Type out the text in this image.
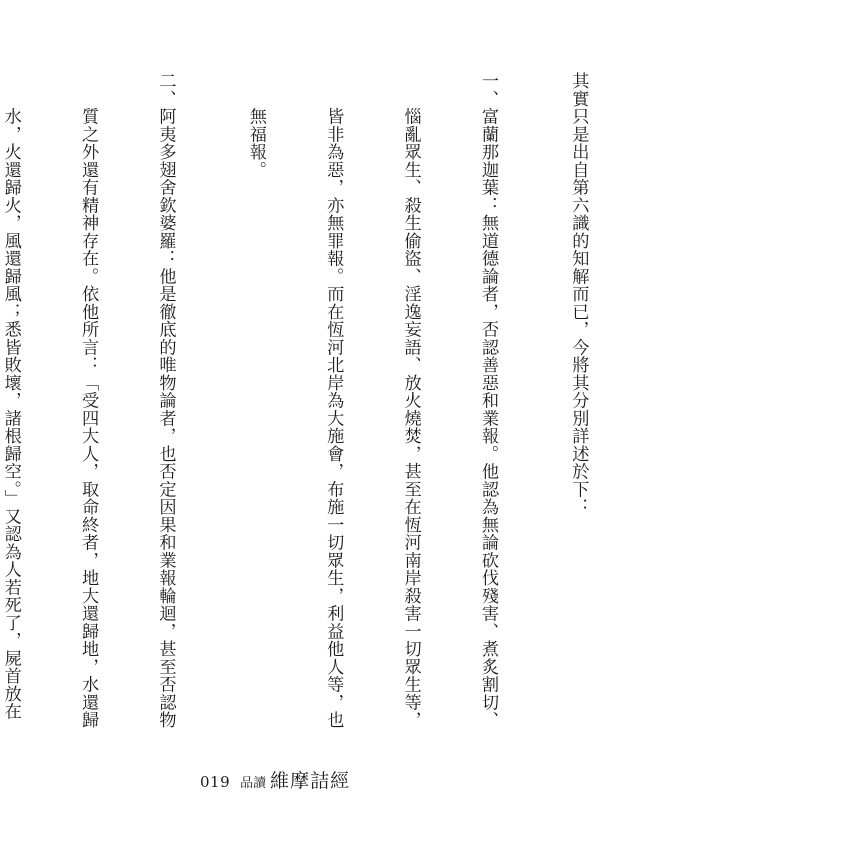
其實只是出自第六識的知解而已，今將其分別詳述於下：

一、富蘭那迦葉：無道德論者，否認善惡和業報。他認為無論砍伐殘害、煮炙割切、

　　惱亂眾生、殺生偷盜、淫逸妄語、放火燒焚，甚至在恆河南岸殺害一切眾生等，

　　皆非為惡，亦無罪報。而在恆河北岸為大施會，布施一切眾生，利益他人等，也

　　無福報。

二、阿夷多翅舍欽婆羅：他是徹底的唯物論者，也否定因果和業報輪迴，甚至否認物

　　質之外還有精神存在。依他所言：「受四大人，取命終者，地大還歸地，水還歸

　　水，火還歸火，風還歸風；悉皆敗壞，諸根歸空。」又認為人若死了，屍首放在

019 品讀 維摩詰經
